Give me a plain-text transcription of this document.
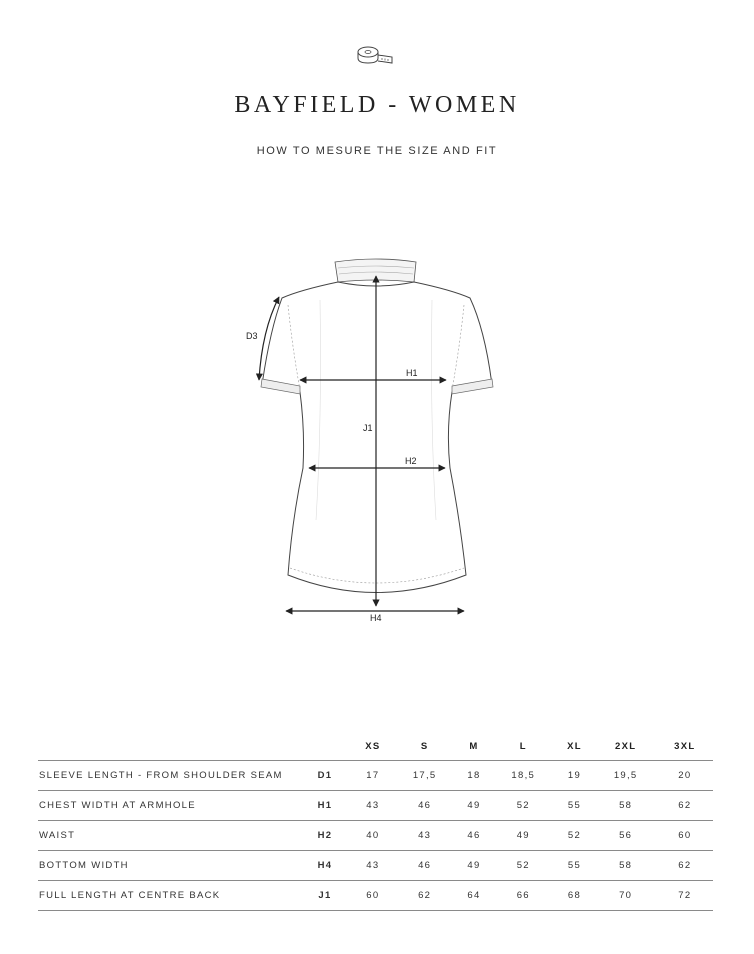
BAYFIELD - WOMEN
HOW TO MESURE THE SIZE AND FIT
D3
H1
H2
J1
H4
		XS	S	M	L	XL	2XL	3XL
SLEEVE LENGTH - FROM SHOULDER SEAM	D1	17	17,5	18	18,5	19	19,5	20
CHEST WIDTH AT ARMHOLE	H1	43	46	49	52	55	58	62
WAIST	H2	40	43	46	49	52	56	60
BOTTOM WIDTH	H4	43	46	49	52	55	58	62
FULL LENGTH AT CENTRE BACK	J1	60	62	64	66	68	70	72
